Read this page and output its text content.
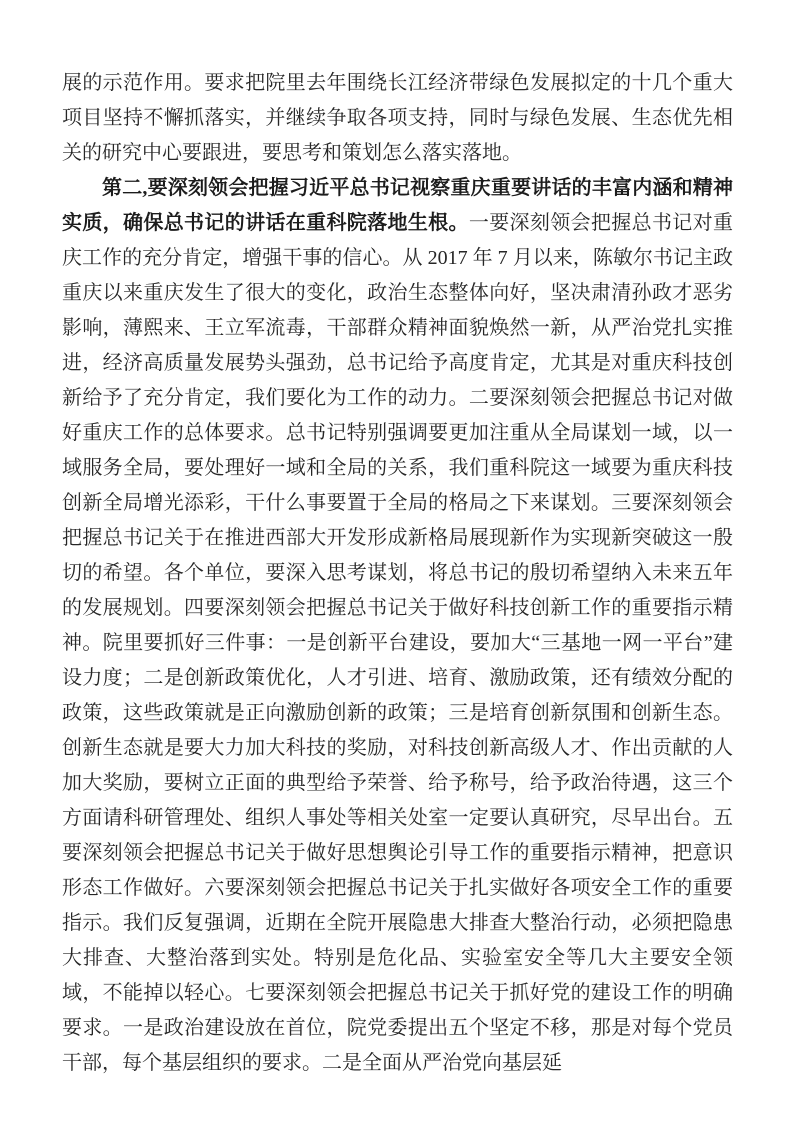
展的示范作用。要求把院里去年围绕长江经济带绿色发展拟定的十几个重大项目坚持不懈抓落实，并继续争取各项支持，同时与绿色发展、生态优先相关的研究中心要跟进，要思考和策划怎么落实落地。

第二,要深刻领会把握习近平总书记视察重庆重要讲话的丰富内涵和精神实质，确保总书记的讲话在重科院落地生根。一要深刻领会把握总书记对重庆工作的充分肯定，增强干事的信心。从 2017 年 7 月以来，陈敏尔书记主政重庆以来重庆发生了很大的变化，政治生态整体向好，坚决肃清孙政才恶劣影响，薄熙来、王立军流毒，干部群众精神面貌焕然一新，从严治党扎实推进，经济高质量发展势头强劲，总书记给予高度肯定，尤其是对重庆科技创新给予了充分肯定，我们要化为工作的动力。二要深刻领会把握总书记对做好重庆工作的总体要求。总书记特别强调要更加注重从全局谋划一域，以一域服务全局，要处理好一域和全局的关系，我们重科院这一域要为重庆科技创新全局增光添彩，干什么事要置于全局的格局之下来谋划。三要深刻领会把握总书记关于在推进西部大开发形成新格局展现新作为实现新突破这一殷切的希望。各个单位，要深入思考谋划，将总书记的殷切希望纳入未来五年的发展规划。四要深刻领会把握总书记关于做好科技创新工作的重要指示精神。院里要抓好三件事：一是创新平台建设，要加大“三基地一网一平台”建设力度；二是创新政策优化，人才引进、培育、激励政策，还有绩效分配的政策，这些政策就是正向激励创新的政策；三是培育创新氛围和创新生态。创新生态就是要大力加大科技的奖励，对科技创新高级人才、作出贡献的人加大奖励，要树立正面的典型给予荣誉、给予称号，给予政治待遇，这三个方面请科研管理处、组织人事处等相关处室一定要认真研究，尽早出台。五要深刻领会把握总书记关于做好思想舆论引导工作的重要指示精神，把意识形态工作做好。六要深刻领会把握总书记关于扎实做好各项安全工作的重要指示。我们反复强调，近期在全院开展隐患大排查大整治行动，必须把隐患大排查、大整治落到实处。特别是危化品、实验室安全等几大主要安全领域，不能掉以轻心。七要深刻领会把握总书记关于抓好党的建设工作的明确要求。一是政治建设放在首位，院党委提出五个坚定不移，那是对每个党员干部，每个基层组织的要求。二是全面从严治党向基层延
